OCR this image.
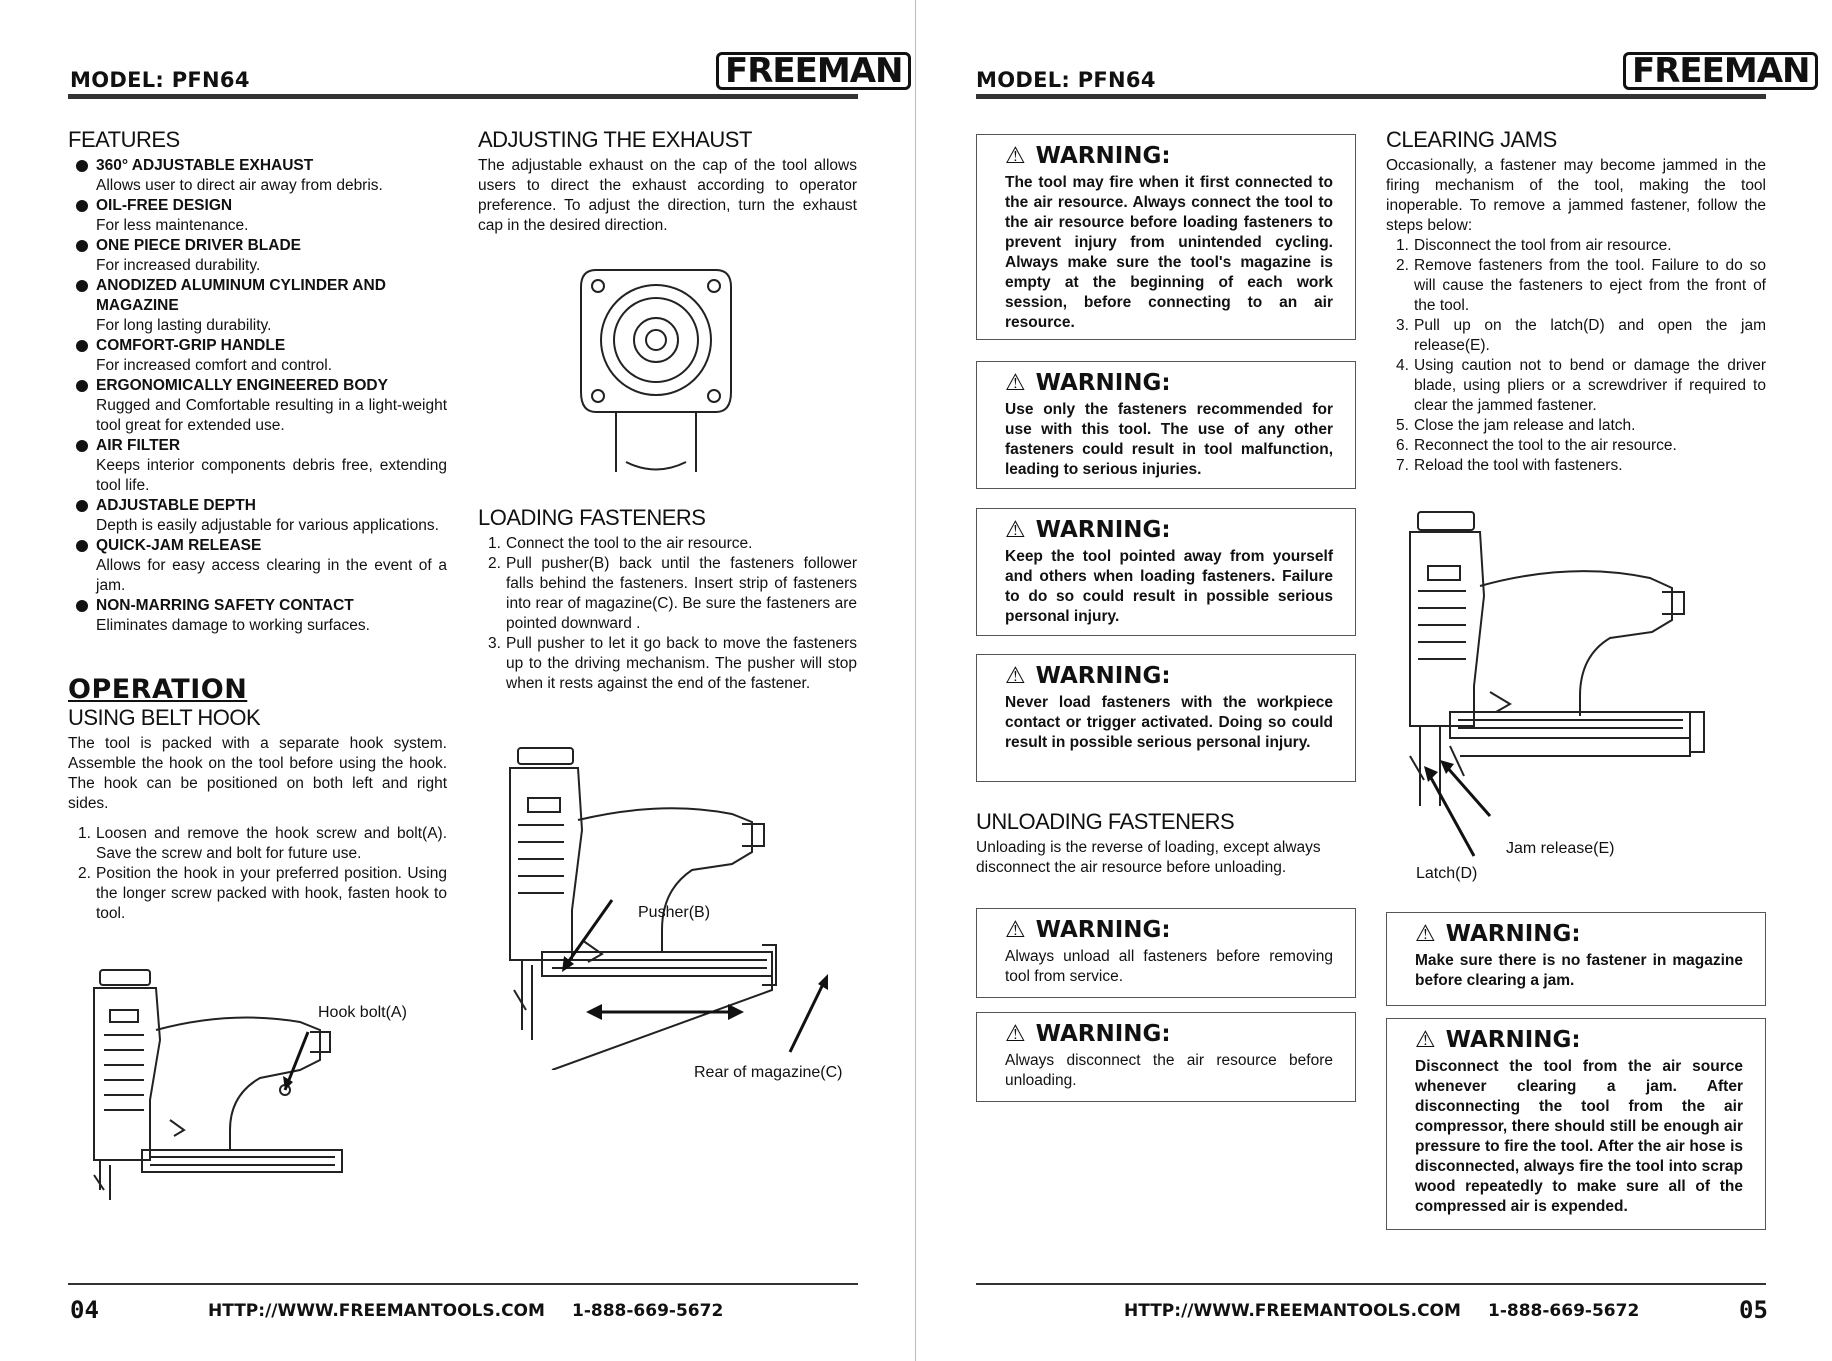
MODEL: PFN64	FREEMAN
FEATURES
360° ADJUSTABLE EXHAUST
Allows user to direct air away from debris.
OIL-FREE DESIGN
For less maintenance.
ONE PIECE DRIVER BLADE
For increased durability.
ANODIZED ALUMINUM CYLINDER AND MAGAZINE
For long lasting durability.
COMFORT-GRIP HANDLE
For increased comfort and control.
ERGONOMICALLY ENGINEERED BODY
Rugged and Comfortable resulting in a light-weight tool great for extended use.
AIR FILTER
Keeps interior components debris free, extending tool life.
ADJUSTABLE DEPTH
Depth is easily adjustable for various applications.
QUICK-JAM RELEASE
Allows for easy access clearing in the event of a jam.
NON-MARRING SAFETY CONTACT
Eliminates damage to working surfaces.
OPERATION
USING BELT HOOK

The tool is packed with a separate hook system. Assemble the hook on the tool before using the hook. The hook can be positioned on both left and right sides.

1. Loosen and remove the hook screw and bolt(A). Save the screw and bolt for future use.
2. Position the hook in your preferred position. Using the longer screw packed with hook, fasten hook to tool.
Hook bolt(A)
ADJUSTING THE EXHAUST

The adjustable exhaust on the cap of the tool allows users to direct the exhaust according to operator preference. To adjust the direction, turn the exhaust cap in the desired direction.

LOADING FASTENERS
1. Connect the tool to the air resource.
2. Pull pusher(B) back until the fasteners follower falls behind the fasteners. Insert strip of fasteners into rear of magazine(C). Be sure the fasteners are pointed downward .
3. Pull pusher to let it go back to move the fasteners up to the driving mechanism. The pusher will stop when it rests against the end of the fastener.
Pusher(B)
Rear of magazine(C)
04	HTTP://WWW.FREEMANTOOLS.COM 1-888-669-5672
MODEL: PFN64	FREEMAN
⚠ WARNING:
The tool may fire when it first connected to the air resource. Always connect the tool to the air resource before loading fasteners to prevent injury from unintended cycling. Always make sure the tool's magazine is empty at the beginning of each work session, before connecting to an air resource.
⚠ WARNING:
Use only the fasteners recommended for use with this tool. The use of any other fasteners could result in tool malfunction, leading to serious injuries.
⚠ WARNING:
Keep the tool pointed away from yourself and others when loading fasteners. Failure to do so could result in possible serious personal injury.
⚠ WARNING:
Never load fasteners with the workpiece contact or trigger activated. Doing so could result in possible serious personal injury.
UNLOADING FASTENERS

Unloading is the reverse of loading, except always disconnect the air resource before unloading.

⚠ WARNING:
Always unload all fasteners before removing tool from service.
⚠ WARNING:
Always disconnect the air resource before unloading.
CLEARING JAMS

Occasionally, a fastener may become jammed in the firing mechanism of the tool, making the tool inoperable. To remove a jammed fastener, follow the steps below:

1. Disconnect the tool from air resource.
2. Remove fasteners from the tool. Failure to do so will cause the fasteners to eject from the front of the tool.
3. Pull up on the latch(D) and open the jam release(E).
4. Using caution not to bend or damage the driver blade, using pliers or a screwdriver if required to clear the jammed fastener.
5. Close the jam release and latch.
6. Reconnect the tool to the air resource.
7. Reload the tool with fasteners.
Jam release(E)
Latch(D)
⚠ WARNING:
Make sure there is no fastener in magazine before clearing a jam.
⚠ WARNING:
Disconnect the tool from the air source whenever clearing a jam. After disconnecting the tool from the air compressor, there should still be enough air pressure to fire the tool. After the air hose is disconnected, always fire the tool into scrap wood repeatedly to make sure all of the compressed air is expended.
HTTP://WWW.FREEMANTOOLS.COM 1-888-669-5672	05
